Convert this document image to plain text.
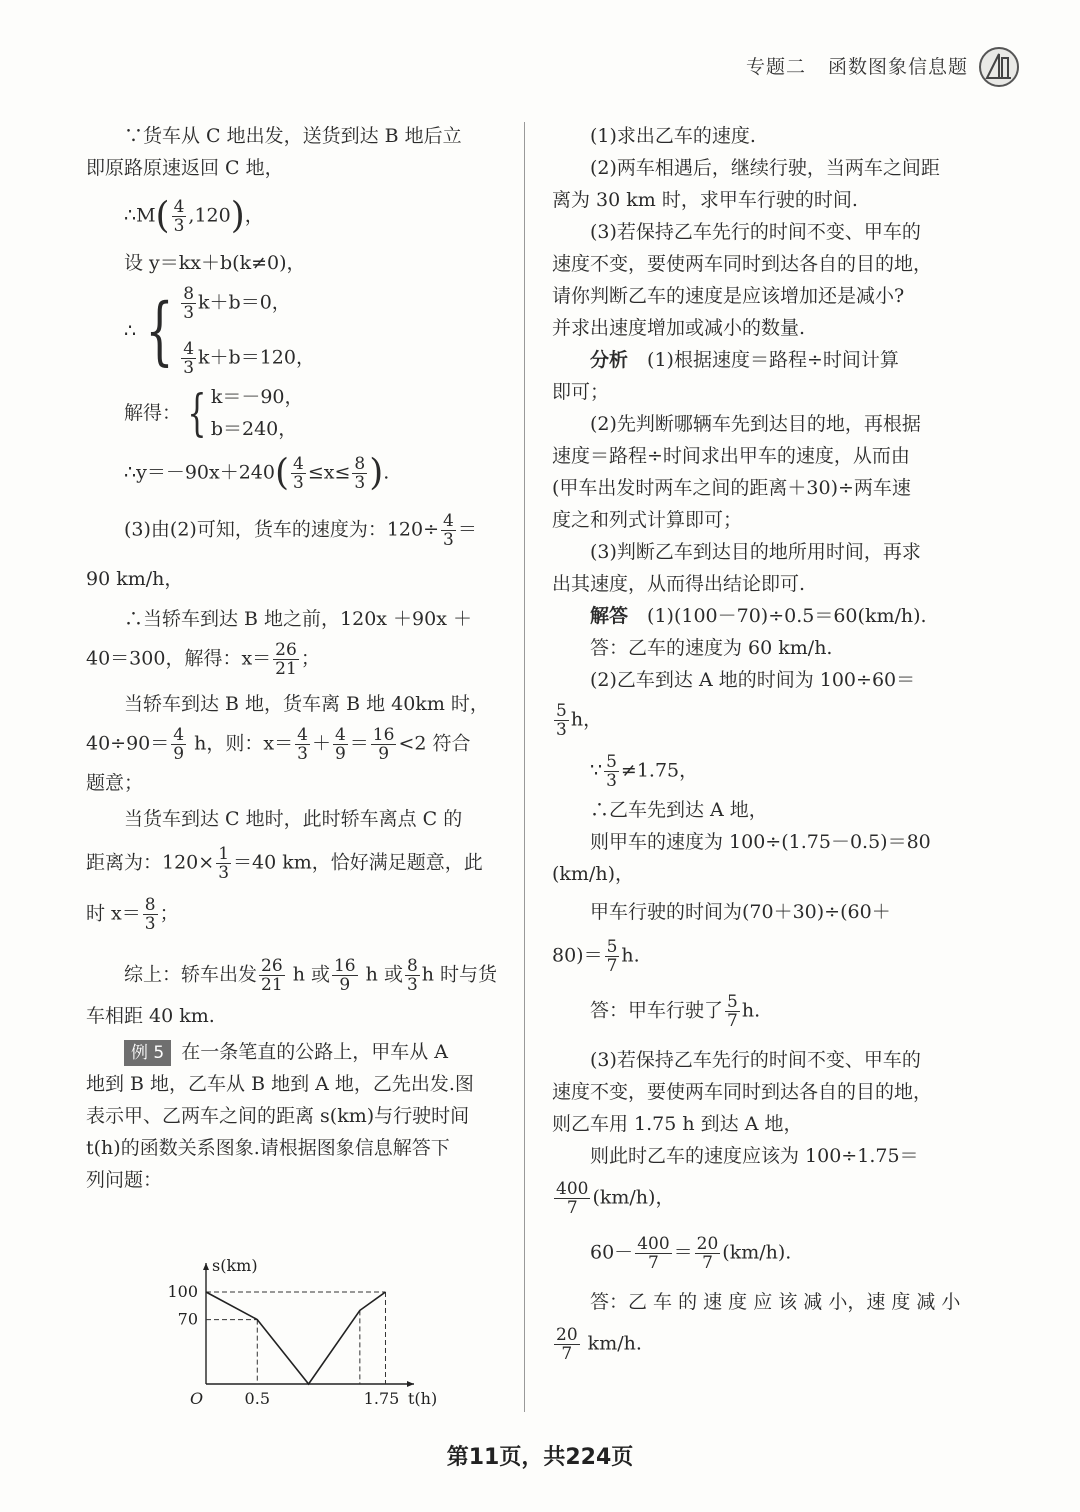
专题二 函数图象信息题

∵货车从 C 地出发，送货到达 B 地后立

即原路原速返回 C 地，

∴M( $\frac{4}{3} ,120$)，

设 y＝kx＋b(k≠0)，

∴ { $\frac{8}{3} k+b=0$，
$\frac{4}{3} k+b=120$，
解得： { k＝－90，
b＝240，

∴y＝－90x＋240( $\frac{4}{3} \le x\le \frac{8}{3}$ ).

(3)由(2)可知，货车的速度为：$120\div \frac{4}{3}$ ＝

90 km/h，

∴当轿车到达 B 地之前，120x ＋90x ＋

40＝300，解得：$x= \frac{26}{21}$ ；

当轿车到达 B 地，货车离 B 地 40km 时，

$40\div 90= \frac{4}{9}$ h，则：$x= \frac{4}{3} + \frac{4}{9} = \frac{16}{9} <2$ 符合

题意；

当货车到达 C 地时，此时轿车离点 C 的

距离为：$120\times \frac{1}{3} =40$ km，恰好满足题意，此

时 $x= \frac{8}{3}$ ；

综上：轿车出发 $\frac{26}{21}$ h 或 $\frac{16}{9}$ h 或 $\frac{8}{3}$ h 时与货

车相距 40 km.

例 5 在一条笔直的公路上，甲车从 A

地到 B 地，乙车从 B 地到 A 地，乙先出发.图

表示甲、乙两车之间的距离 s(km)与行驶时间

t(h)的函数关系图象.请根据图象信息解答下

列问题：

100
70
0.5	1.75
O	t(h)
s(km)

(1)求出乙车的速度.

(2)两车相遇后，继续行驶，当两车之间距

离为 30 km 时，求甲车行驶的时间.

(3)若保持乙车先行的时间不变、甲车的

速度不变，要使两车同时到达各自的目的地，

请你判断乙车的速度是应该增加还是减小?

并求出速度增加或减小的数量.

分析　 (1)根据速度＝路程÷时间计算

即可；

(2)先判断哪辆车先到达目的地，再根据

速度＝路程÷时间求出甲车的速度，从而由

(甲车出发时两车之间的距离＋30)÷两车速

度之和列式计算即可；

(3)判断乙车到达目的地所用时间，再求

出其速度，从而得出结论即可.

解答　 (1)(100－70)÷0.5＝60(km/h).

答：乙车的速度为 60 km/h.

(2)乙车到达 A 地的时间为 100÷60＝

$\frac{5}{3}$ h，

∵ $\frac{5}{3} \ne 1.75$，

∴乙车先到达 A 地，

则甲车的速度为 100÷(1.75－0.5)＝80

(km/h)，

甲车行驶的时间为(70＋30)÷(60＋

$80)= \frac{5}{7} h$.

答：甲车行驶了 $\frac{5}{7} h$.

(3)若保持乙车先行的时间不变、甲车的

速度不变，要使两车同时到达各自的目的地，

则乙车用 1.75 h 到达 A 地，

则此时乙车的速度应该为 100÷1.75＝

$\frac{400}{7} (km/h)$，

$60- \frac{400}{7} = \frac{20}{7} (km/h)$.

答：乙 车 的 速 度 应 该 减 小，速 度 减 小

$\frac{20}{7} km/h$.

第11页，共224页
